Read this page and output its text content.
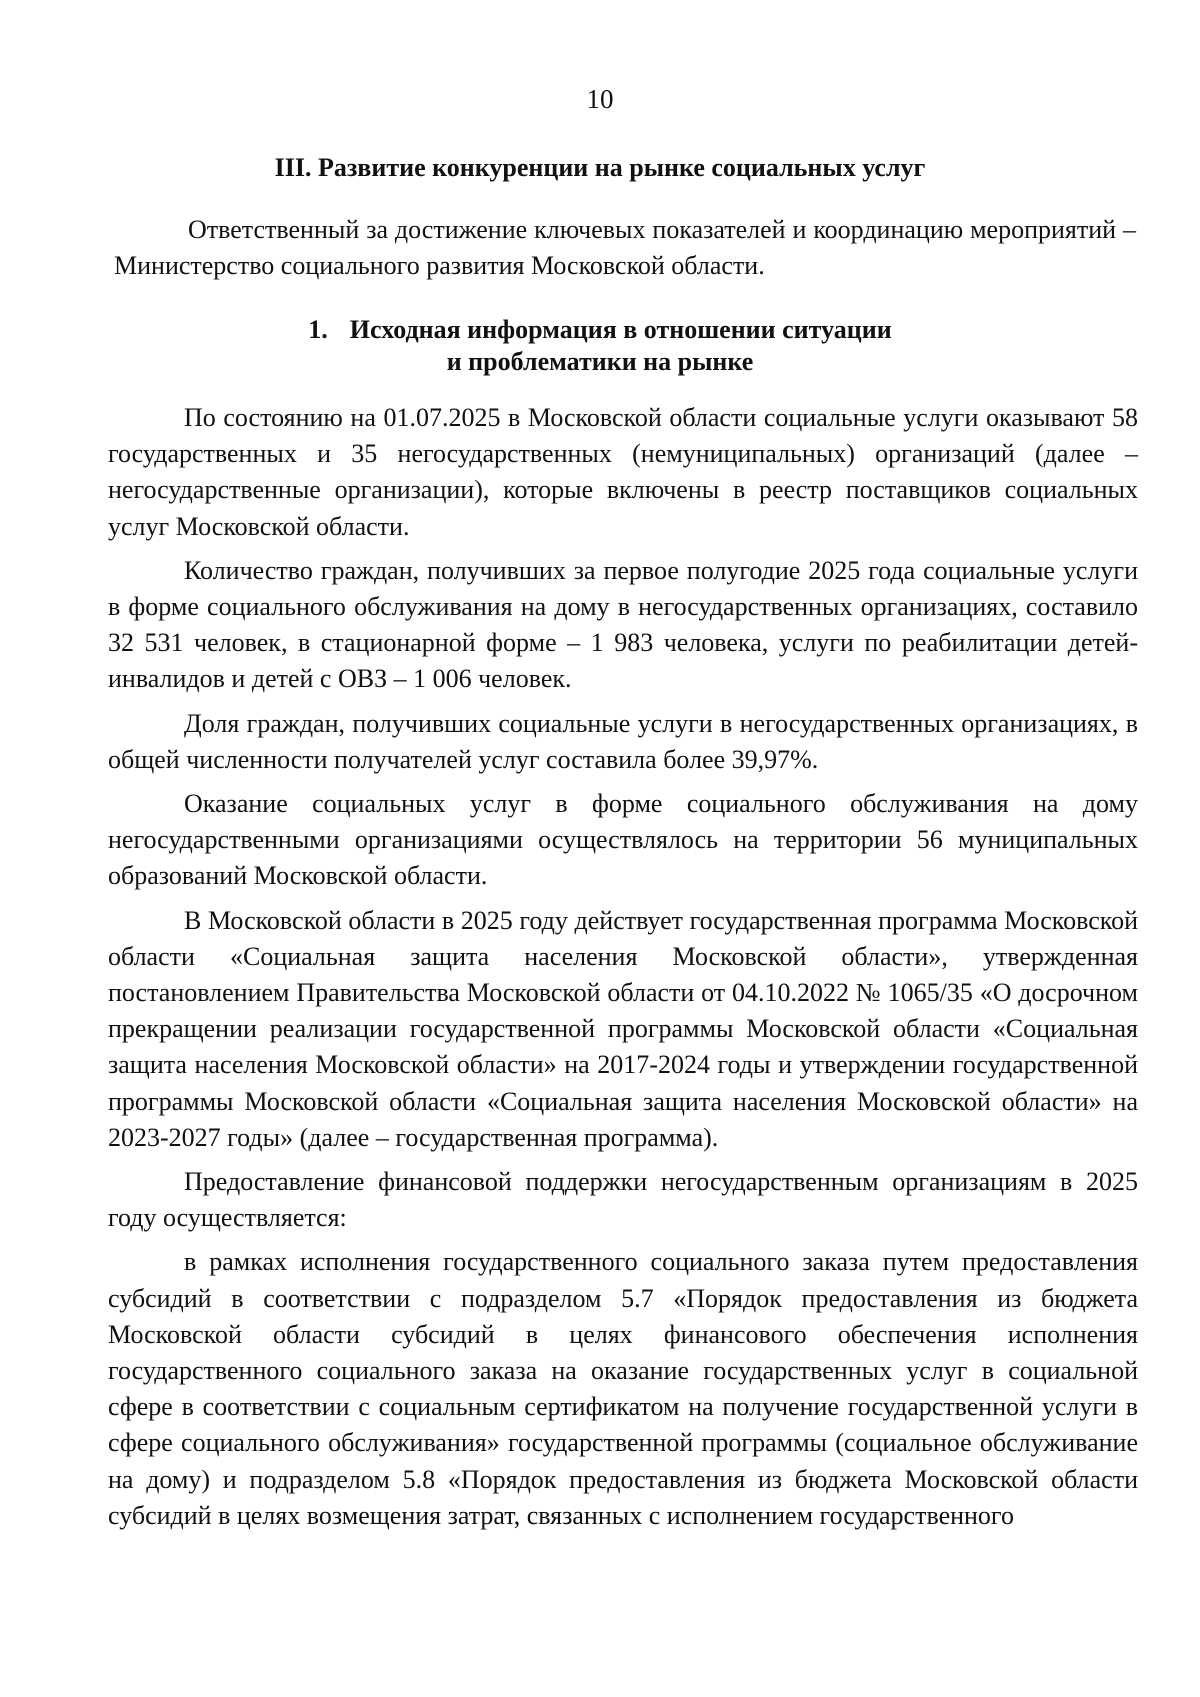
10
III. Развитие конкуренции на рынке социальных услуг

Ответственный за достижение ключевых показателей и координацию мероприятий – Министерство социального развития Московской области.

1. Исходная информация в отношении ситуации
и проблематики на рынке

По состоянию на 01.07.2025 в Московской области социальные услуги оказывают 58 государственных и 35 негосударственных (немуниципальных) организаций (далее – негосударственные организации), которые включены в реестр поставщиков социальных услуг Московской области.

Количество граждан, получивших за первое полугодие 2025 года социальные услуги в форме социального обслуживания на дому в негосударственных организациях, составило 32 531 человек, в стационарной форме – 1 983 человека, услуги по реабилитации детей-инвалидов и детей с ОВЗ – 1 006 человек.

Доля граждан, получивших социальные услуги в негосударственных организациях, в общей численности получателей услуг составила более 39,97%.

Оказание социальных услуг в форме социального обслуживания на дому негосударственными организациями осуществлялось на территории 56 муниципальных образований Московской области.

В Московской области в 2025 году действует государственная программа Московской области «Социальная защита населения Московской области», утвержденная постановлением Правительства Московской области от 04.10.2022 № 1065/35 «О досрочном прекращении реализации государственной программы Московской области «Социальная защита населения Московской области» на 2017-2024 годы и утверждении государственной программы Московской области «Социальная защита населения Московской области» на 2023-2027 годы» (далее – государственная программа).

Предоставление финансовой поддержки негосударственным организациям в 2025 году осуществляется:

в рамках исполнения государственного социального заказа путем предоставления субсидий в соответствии с подразделом 5.7 «Порядок предоставления из бюджета Московской области субсидий в целях финансового обеспечения исполнения государственного социального заказа на оказание государственных услуг в социальной сфере в соответствии с социальным сертификатом на получение государственной услуги в сфере социального обслуживания» государственной программы (социальное обслуживание на дому) и подразделом 5.8 «Порядок предоставления из бюджета Московской области субсидий в целях возмещения затрат, связанных с исполнением государственного
